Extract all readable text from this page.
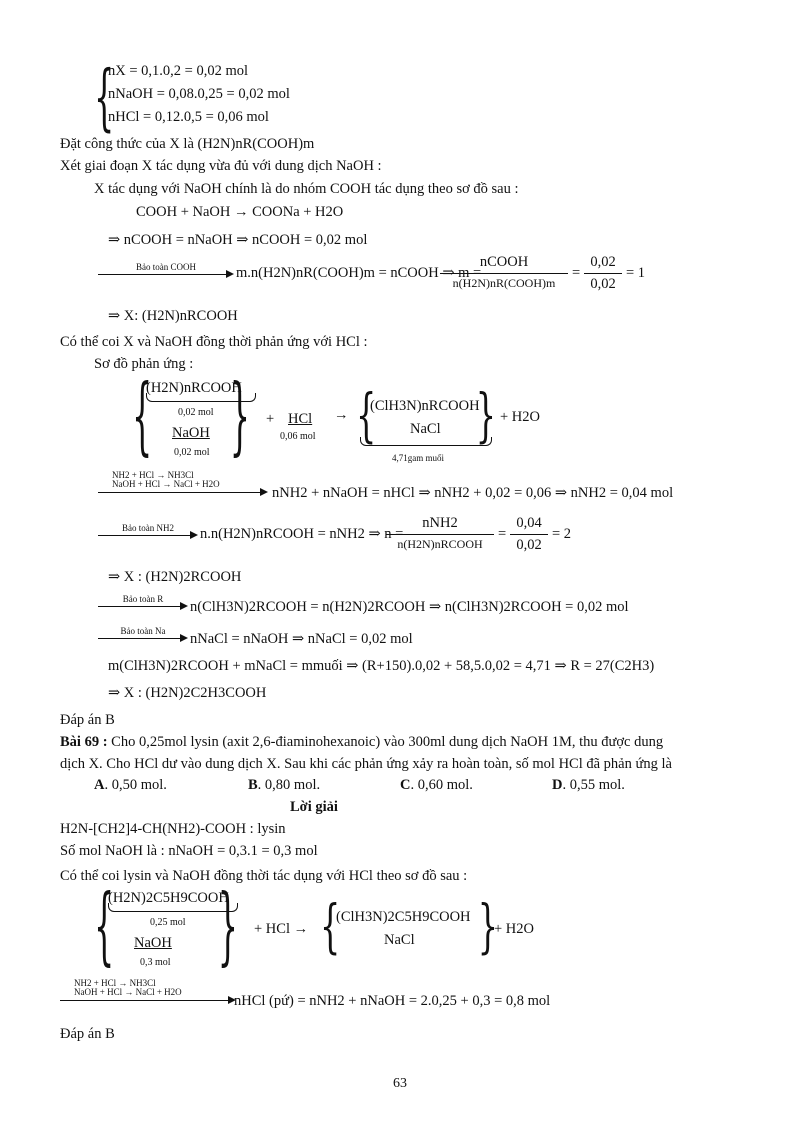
{
nX = 0,1.0,2 = 0,02 mol
nNaOH = 0,08.0,25 = 0,02 mol
nHCl = 0,12.0,5 = 0,06 mol
Đặt công thức của X là (H2N)nR(COOH)m
Xét giai đoạn X tác dụng vừa đủ với dung dịch NaOH :
X tác dụng với NaOH chính là do nhóm COOH tác dụng theo sơ đồ sau :
COOH + NaOH → COONa + H2O
⇒ nCOOH = nNaOH ⇒ nCOOH = 0,02 mol
Bảo toàn COOH	m.n(H2N)nR(COOH)m = nCOOH ⇒ m =
nCOOH
n(H2N)nR(COOH)m
=
0,02
0,02
= 1
⇒ X: (H2N)nRCOOH
Có thể coi X và NaOH đồng thời phản ứng với HCl :
Sơ đồ phản ứng :
{
(H2N)nRCOOH
0,02 mol
NaOH
0,02 mol { + HCl
0,06 mol
→ {
(ClH3N)nRCOOH
NaCl {
4,71gam muối
+ H2O
NH2 + HCl → NH3Cl
NaOH + HCl → NaCl + H2O
nNH2 + nNaOH = nHCl ⇒ nNH2 + 0,02 = 0,06 ⇒ nNH2 = 0,04 mol
Bảo toàn NH2	n.n(H2N)nRCOOH = nNH2 ⇒ n =
nNH2
n(H2N)nRCOOH
=
0,04
0,02
= 2
⇒ X : (H2N)2RCOOH
Bảo toàn R	n(ClH3N)2RCOOH = n(H2N)2RCOOH ⇒ n(ClH3N)2RCOOH = 0,02 mol
Bảo toàn Na	nNaCl = nNaOH ⇒ nNaCl = 0,02 mol
m(ClH3N)2RCOOH + mNaCl = mmuối ⇒ (R+150).0,02 + 58,5.0,02 = 4,71 ⇒ R = 27(C2H3)
⇒ X : (H2N)2C2H3COOH
Đáp án B
Bài 69 : Cho 0,25mol lysin (axit 2,6-điaminohexanoic) vào 300ml dung dịch NaOH 1M, thu được dung
dịch X. Cho HCl dư vào dung dịch X. Sau khi các phản ứng xảy ra hoàn toàn, số mol HCl đã phản ứng là
A. 0,50 mol.	B. 0,80 mol.	C. 0,60 mol.	D. 0,55 mol.
Lời giải
H2N-[CH2]4-CH(NH2)-COOH : lysin
Số mol NaOH là : nNaOH = 0,3.1 = 0,3 mol
Có thể coi lysin và NaOH đồng thời tác dụng với HCl theo sơ đồ sau :
{
(H2N)2C5H9COOH
0,25 mol
NaOH
0,3 mol { + HCl → {
(ClH3N)2C5H9COOH
NaCl {
+ H2O
NH2 + HCl → NH3Cl
NaOH + HCl → NaCl + H2O
nHCl (pứ) = nNH2 + nNaOH = 2.0,25 + 0,3 = 0,8 mol
Đáp án B
63
